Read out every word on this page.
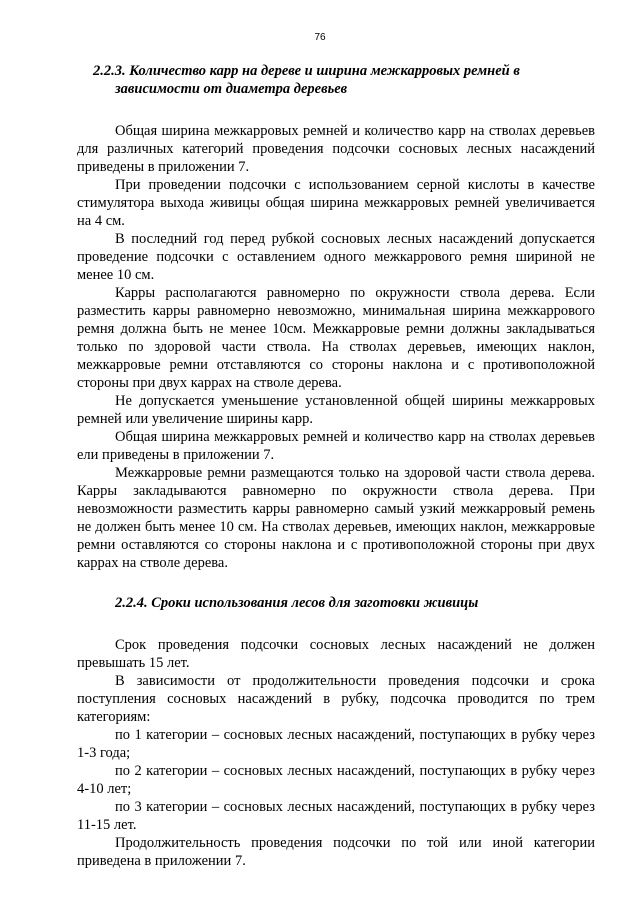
76

2.2.3. Количество карр на дереве и ширина межкарровых ремней в зависимости от диаметра деревьев

Общая ширина межкарровых ремней и количество карр на стволах деревьев для различных категорий проведения подсочки сосновых лесных насаждений приведены в приложении 7.

При проведении подсочки с использованием серной кислоты в качестве стимулятора выхода живицы общая ширина межкарровых ремней увеличивается на 4 см.

В последний год перед рубкой сосновых лесных насаждений допускается проведение подсочки с оставлением одного межкаррового ремня шириной не менее 10 см.

Карры располагаются равномерно по окружности ствола дерева. Если разместить карры равномерно невозможно, минимальная ширина межкаррового ремня должна быть не менее 10см. Межкарровые ремни должны закладываться только по здоровой части ствола. На стволах деревьев, имеющих наклон, межкарровые ремни отставляются со стороны наклона и с противоположной стороны при двух каррах на стволе дерева.

Не допускается уменьшение установленной общей ширины межкарровых ремней или увеличение ширины карр.

Общая ширина межкарровых ремней и количество карр на стволах деревьев ели приведены в приложении 7.

Межкарровые ремни размещаются только на здоровой части ствола дерева. Карры закладываются равномерно по окружности ствола дерева. При невозможности разместить карры равномерно самый узкий межкарровый ремень не должен быть менее 10 см. На стволах деревьев, имеющих наклон, межкарровые ремни оставляются со стороны наклона и с противоположной стороны при двух каррах на стволе дерева.

2.2.4. Сроки использования лесов для заготовки живицы

Срок проведения подсочки сосновых лесных насаждений не должен превышать 15 лет.

В зависимости от продолжительности проведения подсочки и срока поступления сосновых насаждений в рубку, подсочка проводится по трем категориям:

по 1 категории – сосновых лесных насаждений, поступающих в рубку через 1-3 года;

по 2 категории – сосновых лесных насаждений, поступающих в рубку через 4-10 лет;

по 3 категории – сосновых лесных насаждений, поступающих в рубку через 11-15 лет.

Продолжительность проведения подсочки по той или иной категории приведена в приложении 7.
